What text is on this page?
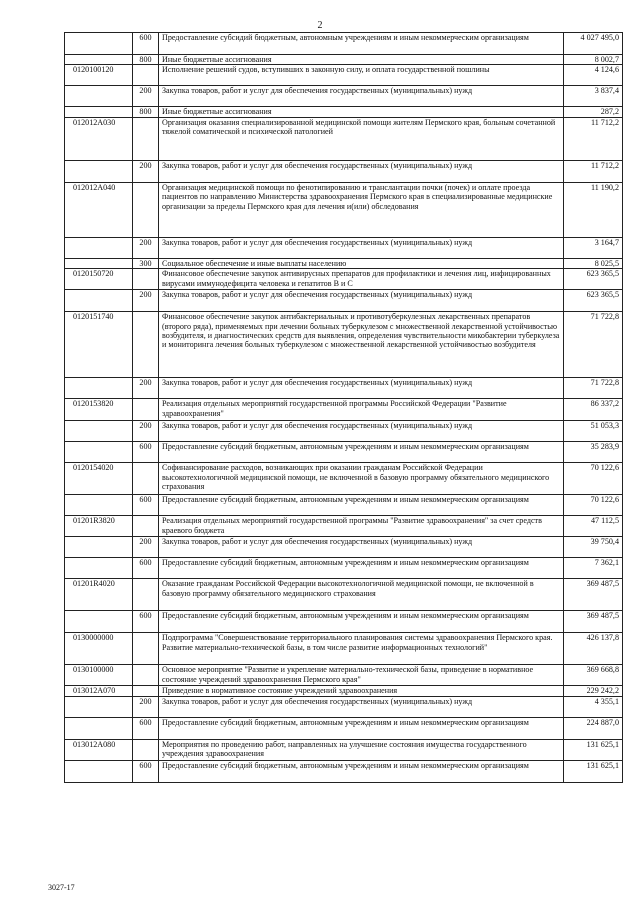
2
	600	Предоставление субсидий бюджетным, автономным учреждениям и иным некоммерческим организациям	4 027 495,0
	800	Иные бюджетные ассигнования	8 002,7
0120100120		Исполнение решений судов, вступивших в законную силу, и оплата государственной пошлины	4 124,6
	200	Закупка товаров, работ и услуг для обеспечения государственных (муниципальных) нужд	3 837,4
	800	Иные бюджетные ассигнования	287,2
012012А030		Организация оказания специализированной медицинской помощи жителям Пермского края, больным сочетанной тяжелой соматической и психической патологией	11 712,2
	200	Закупка товаров, работ и услуг для обеспечения государственных (муниципальных) нужд	11 712,2
012012А040		Организация медицинской помощи по фенотипированию и транслантации почки (почек) и оплате проезда пациентов по направлению Министерства здравоохранения Пермского края в специализированные медицинские организации за пределы Пермского края для лечения и(или) обследования	11 190,2
	200	Закупка товаров, работ и услуг для обеспечения государственных (муниципальных) нужд	3 164,7
	300	Социальное обеспечение и иные выплаты населению	8 025,5
0120150720		Финансовое обеспечение закупок антивирусных препаратов для профилактики и лечения лиц, инфицированных вирусами иммунодефицита человека и гепатитов В и С	623 365,5
	200	Закупка товаров, работ и услуг для обеспечения государственных (муниципальных) нужд	623 365,5
0120151740		Финансовое обеспечение закупок антибактериальных и противотуберкулезных лекарственных препаратов (второго ряда), применяемых при лечении больных туберкулезом с множественной лекарственной устойчивостью возбудителя, и диагностических средств для выявления, определения чувствительности микобактерии туберкулеза и мониторинга лечения больных туберкулезом с множественной лекарственной устойчивостью возбудителя	71 722,8
	200	Закупка товаров, работ и услуг для обеспечения государственных (муниципальных) нужд	71 722,8
0120153820		Реализация отдельных мероприятий государственной программы Российской Федерации "Развитие здравоохранения"	86 337,2
	200	Закупка товаров, работ и услуг для обеспечения государственных (муниципальных) нужд	51 053,3
	600	Предоставление субсидий бюджетным, автономным учреждениям и иным некоммерческим организациям	35 283,9
0120154020		Софинансирование расходов, возникающих при оказании гражданам Российской Федерации высокотехнологичной медицинской помощи, не включенной в базовую программу обязательного медицинского страхования	70 122,6
	600	Предоставление субсидий бюджетным, автономным учреждениям и иным некоммерческим организациям	70 122,6
01201R3820		Реализация отдельных мероприятий государственной программы "Развитие здравоохранения" за счет средств краевого бюджета	47 112,5
	200	Закупка товаров, работ и услуг для обеспечения государственных (муниципальных) нужд	39 750,4
	600	Предоставление субсидий бюджетным, автономным учреждениям и иным некоммерческим организациям	7 362,1
01201R4020		Оказание гражданам Российской Федерации высокотехнологичной медицинской помощи, не включенной в базовую программу обязательного медицинского страхования	369 487,5
	600	Предоставление субсидий бюджетным, автономным учреждениям и иным некоммерческим организациям	369 487,5
0130000000		Подпрограмма "Совершенствование территориального планирования системы здравоохранения Пермского края. Развитие материально-технической базы, в том числе развитие информационных технологий"	426 137,8
0130100000		Основное мероприятие "Развитие и укрепление материально-технической базы, приведение в нормативное состояние учреждений здравоохранения Пермского края"	369 668,8
013012А070		Приведение в нормативное состояние учреждений здравоохранения	229 242,2
	200	Закупка товаров, работ и услуг для обеспечения государственных (муниципальных) нужд	4 355,1
	600	Предоставление субсидий бюджетным, автономным учреждениям и иным некоммерческим организациям	224 887,0
013012А080		Мероприятия по проведению работ, направленных на улучшение состояния имущества государственного учреждения здравоохранения	131 625,1
	600	Предоставление субсидий бюджетным, автономным учреждениям и иным некоммерческим организациям	131 625,1
3027-17
